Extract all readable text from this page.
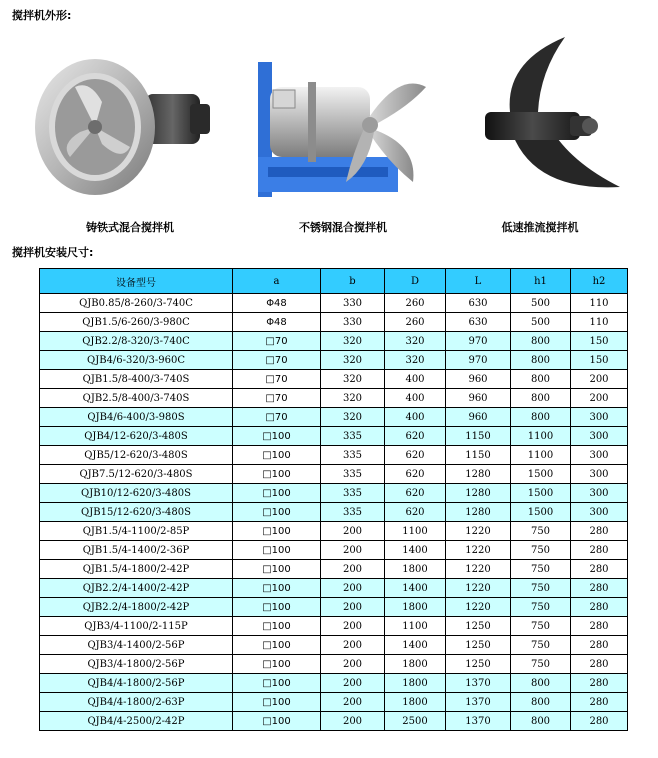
搅拌机外形:
铸铁式混合搅拌机	不锈钢混合搅拌机	低速推流搅拌机
搅拌机安装尺寸:
设备型号	a	b	D	L	h1	h2
QJB0.85/8-260/3-740C	Φ48	330	260	630	500	110
QJB1.5/6-260/3-980C	Φ48	330	260	630	500	110
QJB2.2/8-320/3-740C	□70	320	320	970	800	150
QJB4/6-320/3-960C	□70	320	320	970	800	150
QJB1.5/8-400/3-740S	□70	320	400	960	800	200
QJB2.5/8-400/3-740S	□70	320	400	960	800	200
QJB4/6-400/3-980S	□70	320	400	960	800	300
QJB4/12-620/3-480S	□100	335	620	1150	1100	300
QJB5/12-620/3-480S	□100	335	620	1150	1100	300
QJB7.5/12-620/3-480S	□100	335	620	1280	1500	300
QJB10/12-620/3-480S	□100	335	620	1280	1500	300
QJB15/12-620/3-480S	□100	335	620	1280	1500	300
QJB1.5/4-1100/2-85P	□100	200	1100	1220	750	280
QJB1.5/4-1400/2-36P	□100	200	1400	1220	750	280
QJB1.5/4-1800/2-42P	□100	200	1800	1220	750	280
QJB2.2/4-1400/2-42P	□100	200	1400	1220	750	280
QJB2.2/4-1800/2-42P	□100	200	1800	1220	750	280
QJB3/4-1100/2-115P	□100	200	1100	1250	750	280
QJB3/4-1400/2-56P	□100	200	1400	1250	750	280
QJB3/4-1800/2-56P	□100	200	1800	1250	750	280
QJB4/4-1800/2-56P	□100	200	1800	1370	800	280
QJB4/4-1800/2-63P	□100	200	1800	1370	800	280
QJB4/4-2500/2-42P	□100	200	2500	1370	800	280
